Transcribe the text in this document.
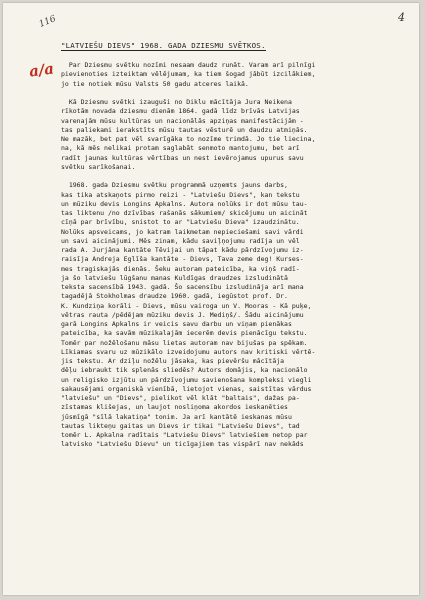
4
116
a/a
"LATVIEŠU DIEVS" 1968. GADA DZIESMU SVĒTKOS.
Par Dziesmu svētku nozīmi nesaam daudz runāt. Varam arī pilnīgi
pievienoties izteiktam vēlējumam, ka tiem šogad jābūt izcilākiem,
jo tie notiek mūsu Valsts 50 gadu atceres laikā.
Kā Dziesmu svētki izauguši no Diklu mācītāja Jura Neikena
rīkotām novada dziesmu dienām 1864. gadā līdz brīvās Latvijas
varenajām mūsu kultūras un nacionālās apziņas manifestācijām -
tas paliekami ierakstīts mūsu tautas vēsturē un daudzu atmiņās.
Ne mazāk, bet pat vēl svarīgāka to nozīme trimdā. Jo tie liecina,
na, kā mēs nelikai protam saglabāt senmoto mantojumu, bet arī
radīt jaunas kultūras vērtības un nest ievērojamus upurus savu
svētku sarīkošanai.
1968. gada Dziesmu svētku programmā uzņemts jauns darbs,
kas tika atskaņots pirmo reizi - "Latviešu Dievs", kan tekstu
un mūziku devis Longins Apkalns. Autora nolūks ir dot mūsu tau-
tas liktenu /no dzīvības rašanās sākumiem/ skicējumu un aicināt
cīņā par brīvību, snistot to ar "Latviešu Dieva" izaudzinātu.
Nolūks apsveicams, jo katram laikmetam nepieciešami savi vārdi
un savi aicinājumi. Mēs zinam, kādu saviļņojumu radīja un vēl
rada A. Jurjāna kantāte Tēvijai un tāpat kādu pārdzīvojumu iz-
raisīja Andreja Eglīša kantāte - Dievs, Tava zeme deg! Kurses-
mes tragiskajās dienās. Šeku autoram pateicība, ka viņš radī-
ja šo latviešu lūgšanu manas Kuldīgas draudzes izsludinātā
teksta sacensībā 1943. gadā. Šo sacensību izsludināja arī mana
tagadējā Stokholmas draudze 1960. gadā, iegūstot prof. Dr.
K. Kundziņa korāli - Dievs, mūsu vairoga un V. Mooras - Kā puķe,
vētras rauta /pēdējam mūziku devis J. Mediņš/. Šādu aicinājumu
garā Longins Apkalns ir veicis savu darbu un viņam pienākas
pateicība, ka savām mūzikalajām iecerēm devis pienācīgu tekstu.
Tomēr par nožēlošanu māsu lietas autoram nav bijušas pa spēkam.
Līkiamas svaru uz mūzikālo izveidojumu autors nav kritiski vērtē-
jis tekstu. Ar dziļu nožēlu jāsaka, kas pievēršu mācītāja
dēļu iebraukt tik splenās sliedēs? Autors domājis, ka nacionālo
un religisko izjūtu un pārdzīvojumu savienošana kompleksi viegli
sakausējami organiskā vienībā, lietojot vienas, saistītas vārdus
"latviešu" un "Dievs", pielikot vēl klāt "baltais", dažas pa-
zīstamas klišejas, un laujot nosliņoma akordos ieskanēties
jūsmīgā "sīlā lakatiņa" tonim. Ja arī kantātē ieskanas mūsu
tautas likteņu gaitas un Dievs ir tikai "Latviešu Dievs", tad
tomēr L. Apkalna radītais "Latviešu Dievs" latviešiem netop par
latvisko "Latviešu Dievu" un ticīgajiem tas vispārī nav nekāds
